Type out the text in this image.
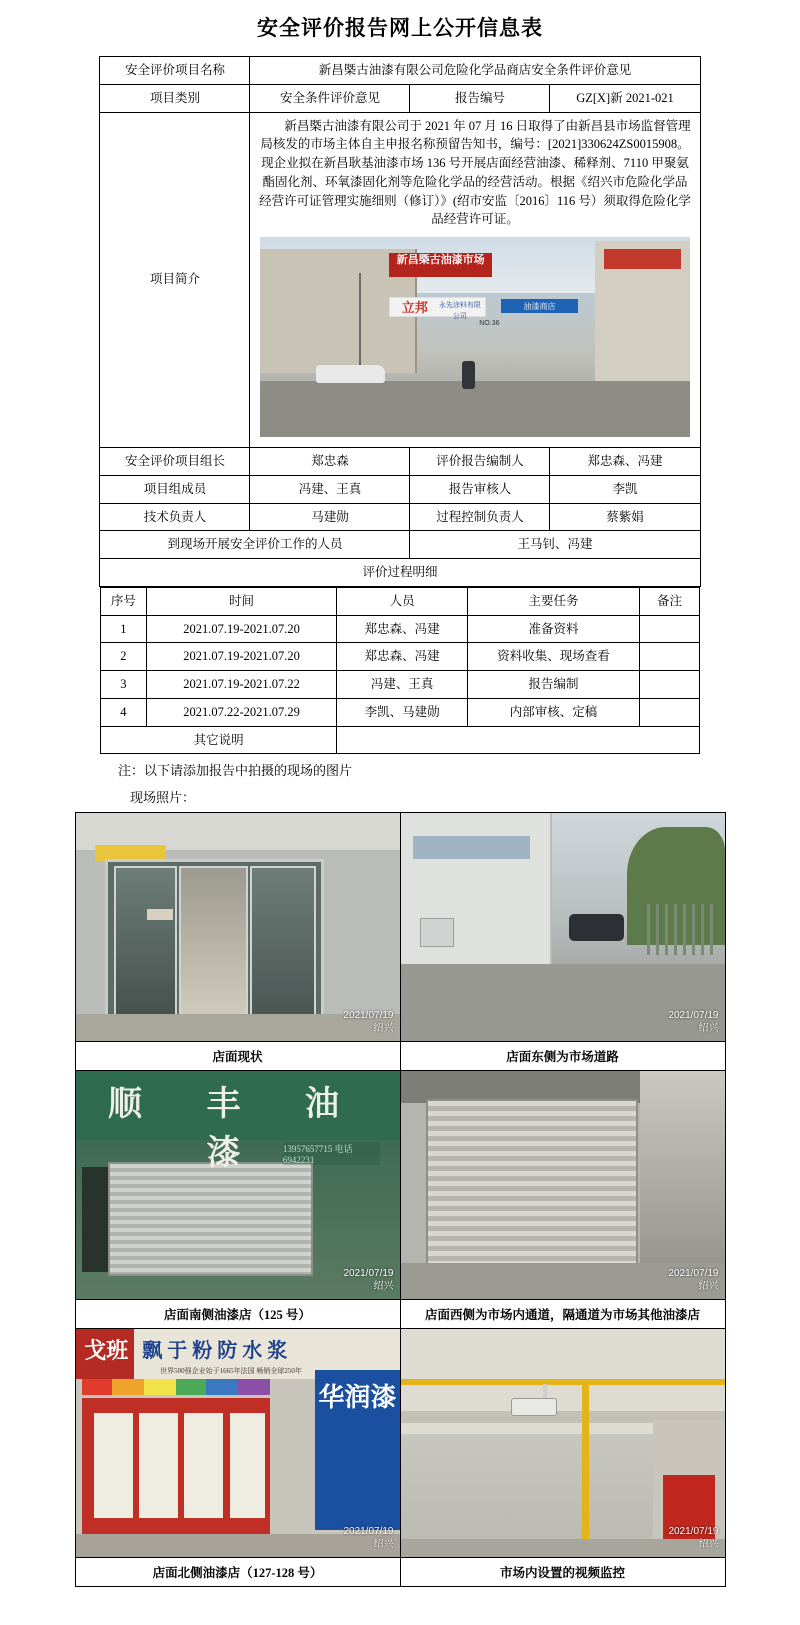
安全评价报告网上公开信息表
安全评价项目名称	新昌槩古油漆有限公司危险化学品商店安全条件评价意见		
项目类别	安全条件评价意见	报告编号	GZ[X]新 2021-021
项目简介	
新昌槩古油漆有限公司于 2021 年 07 月 16 日取得了由新昌县市场监督管理局核发的市场主体自主申报名称预留告知书，编号：[2021]330624ZS0015908。现企业拟在新昌耿基油漆市场 136 号开展店面经营油漆、稀释剂、7110 甲聚氨酯固化剂、环氧漆固化剂等危险化学品的经营活动。根据《绍兴市危险化学品经营许可证管理实施细则（修订）》(绍市安监〔2016〕116 号）须取得危险化学品经营许可证。
新昌槩古油漆市场
立邦	永先涂料有限公司
油漆商店
NO.36

安全评价项目组长	郑忠森	评价报告编制人	郑忠森、冯建
项目组成员	冯建、王真	报告审核人	李凯
技术负责人	马建勋	过程控制负责人	蔡紫娟
到现场开展安全评价工作的人员		王马钊、冯建	
评价过程明细			
序号	时间	人员	主要任务	备注
1	2021.07.19-2021.07.20	郑忠森、冯建	准备资料	
2	2021.07.19-2021.07.20	郑忠森、冯建	资料收集、现场查看	
3	2021.07.19-2021.07.22	冯建、王真	报告编制	
4	2021.07.22-2021.07.29	李凯、马建勋	内部审核、定稿	
其它说明				
注：以下请添加报告中拍摄的现场的图片
现场照片：
2021/07/19
绍兴

2021/07/19
绍兴

店面现状	店面东侧为市场道路

顺 丰 油 漆	13957657715 电话 6942231
2021/07/19
绍兴

2021/07/19
绍兴

店面南侧油漆店（125 号）	店面西侧为市场内通道，隔通道为市场其他油漆店

戈班 飘 于 粉 防 水 浆
世界500强企业始于1665年法国 畅销全球250年
华润漆
2021/07/19
绍兴

2021/07/19
绍兴

店面北侧油漆店（127-128 号）	市场内设置的视频监控
